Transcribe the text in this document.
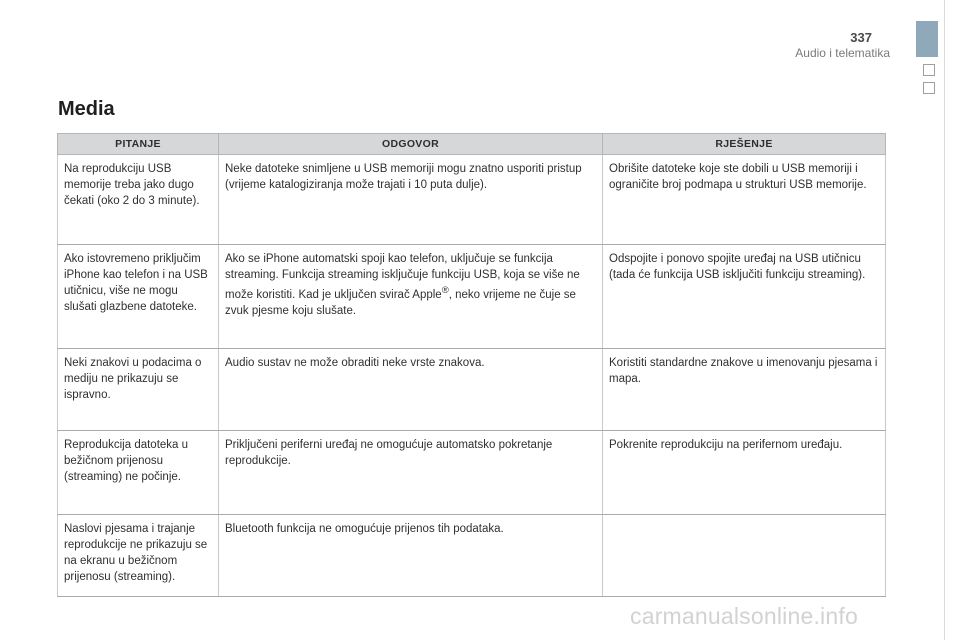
337
Audio i telematika
Media
PITANJE	ODGOVOR	RJEŠENJE
Na reprodukciju USB memorije treba jako dugo čekati (oko 2 do 3 minute).	Neke datoteke snimljene u USB memoriji mogu znatno usporiti pristup (vrijeme katalogiziranja može trajati i 10 puta dulje).	Obrišite datoteke koje ste dobili u USB memoriji i ograničite broj podmapa u strukturi USB memorije.
Ako istovremeno priključim iPhone kao telefon i na USB utičnicu, više ne mogu slušati glazbene datoteke.	Ako se iPhone automatski spoji kao telefon, uključuje se funkcija streaming. Funkcija streaming isključuje funkciju USB, koja se više ne može koristiti. Kad je uključen svirač Apple®, neko vrijeme ne čuje se zvuk pjesme koju slušate.	Odspojite i ponovo spojite uređaj na USB utičnicu (tada će funkcija USB isključiti funkciju streaming).
Neki znakovi u podacima o mediju ne prikazuju se ispravno.	Audio sustav ne može obraditi neke vrste znakova.	Koristiti standardne znakove u imenovanju pjesama i mapa.
Reprodukcija datoteka u bežičnom prijenosu (streaming) ne počinje.	Priključeni periferni uređaj ne omogućuje automatsko pokretanje reprodukcije.	Pokrenite reprodukciju na perifernom uređaju.
Naslovi pjesama i trajanje reprodukcije ne prikazuju se na ekranu u bežičnom prijenosu (streaming).	Bluetooth funkcija ne omogućuje prijenos tih podataka.	
carmanualsonline.info
